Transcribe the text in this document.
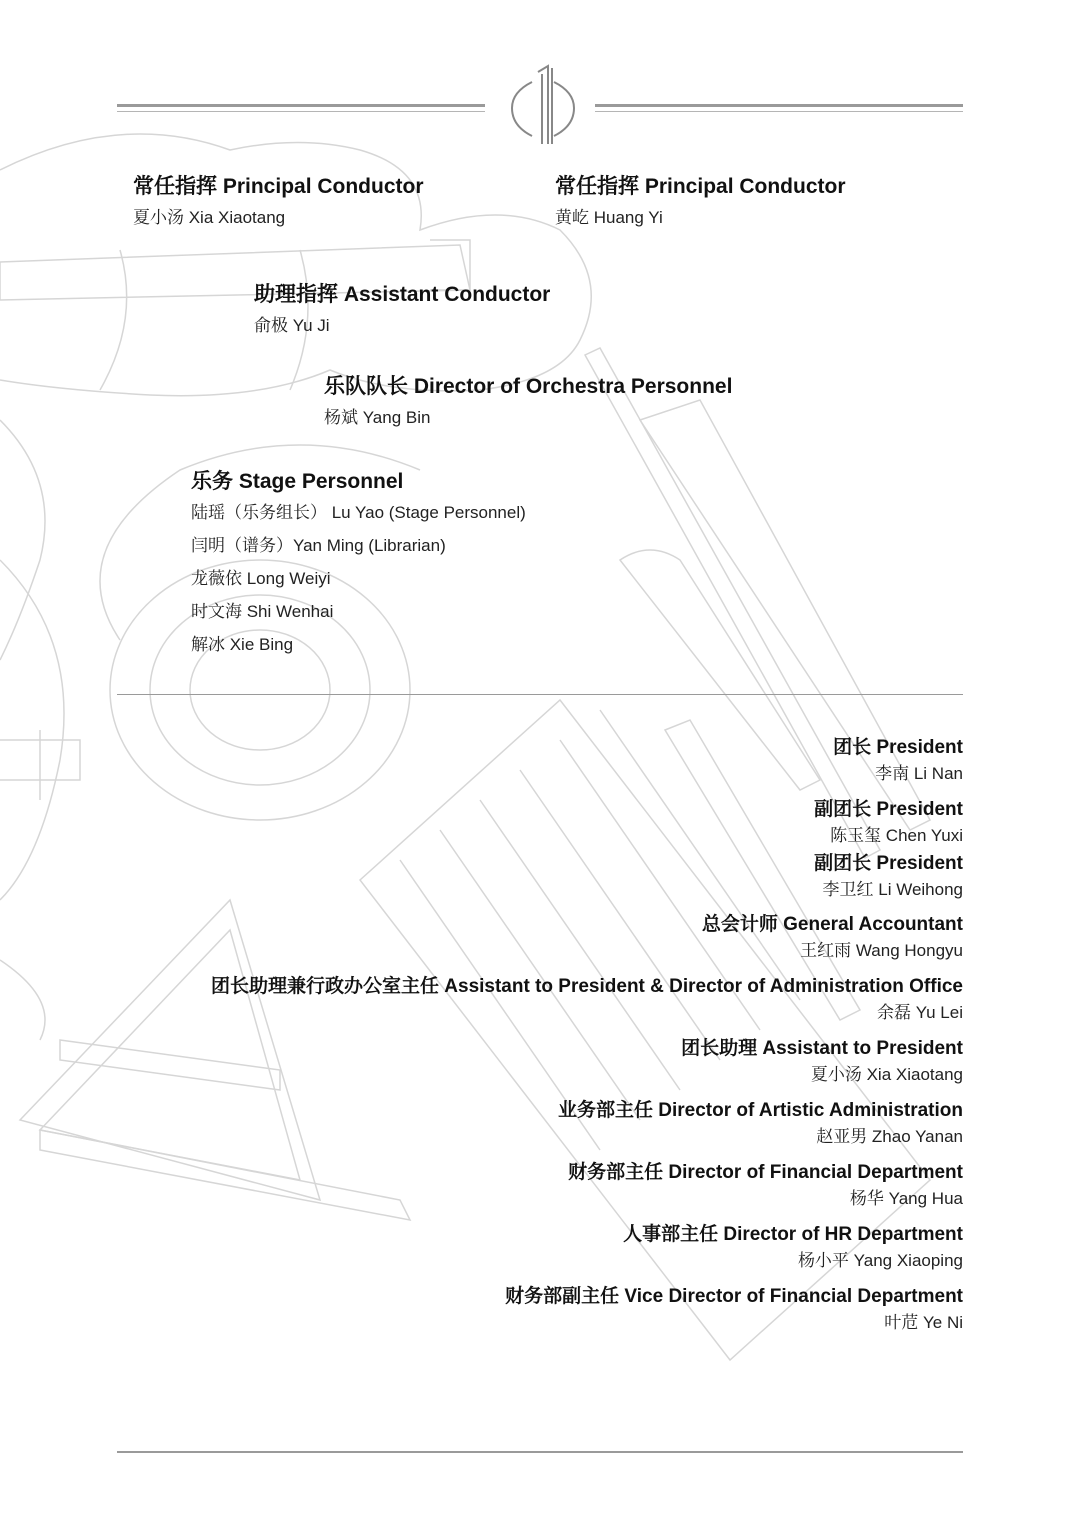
常任指挥 Principal Conductor
夏小汤 Xia Xiaotang
常任指挥 Principal Conductor
黄屹 Huang Yi
助理指挥 Assistant Conductor
俞极 Yu Ji
乐队队长 Director of Orchestra Personnel
杨斌 Yang Bin
乐务 Stage Personnel
陆瑶（乐务组长） Lu Yao (Stage Personnel)
闫明（谱务）Yan Ming (Librarian)
龙薇依 Long Weiyi
时文海 Shi Wenhai
解冰 Xie Bing
团长 President
李南 Li Nan
副团长 President
陈玉玺 Chen Yuxi
副团长 President
李卫红 Li Weihong
总会计师 General Accountant
王红雨 Wang Hongyu
团长助理兼行政办公室主任 Assistant to President & Director of Administration Office
余磊 Yu Lei
团长助理 Assistant to President
夏小汤 Xia Xiaotang
业务部主任 Director of Artistic Administration
赵亚男 Zhao Yanan
财务部主任 Director of Financial Department
杨华 Yang Hua
人事部主任 Director of HR Department
杨小平 Yang Xiaoping
财务部副主任 Vice Director of Financial Department
叶苊 Ye Ni
